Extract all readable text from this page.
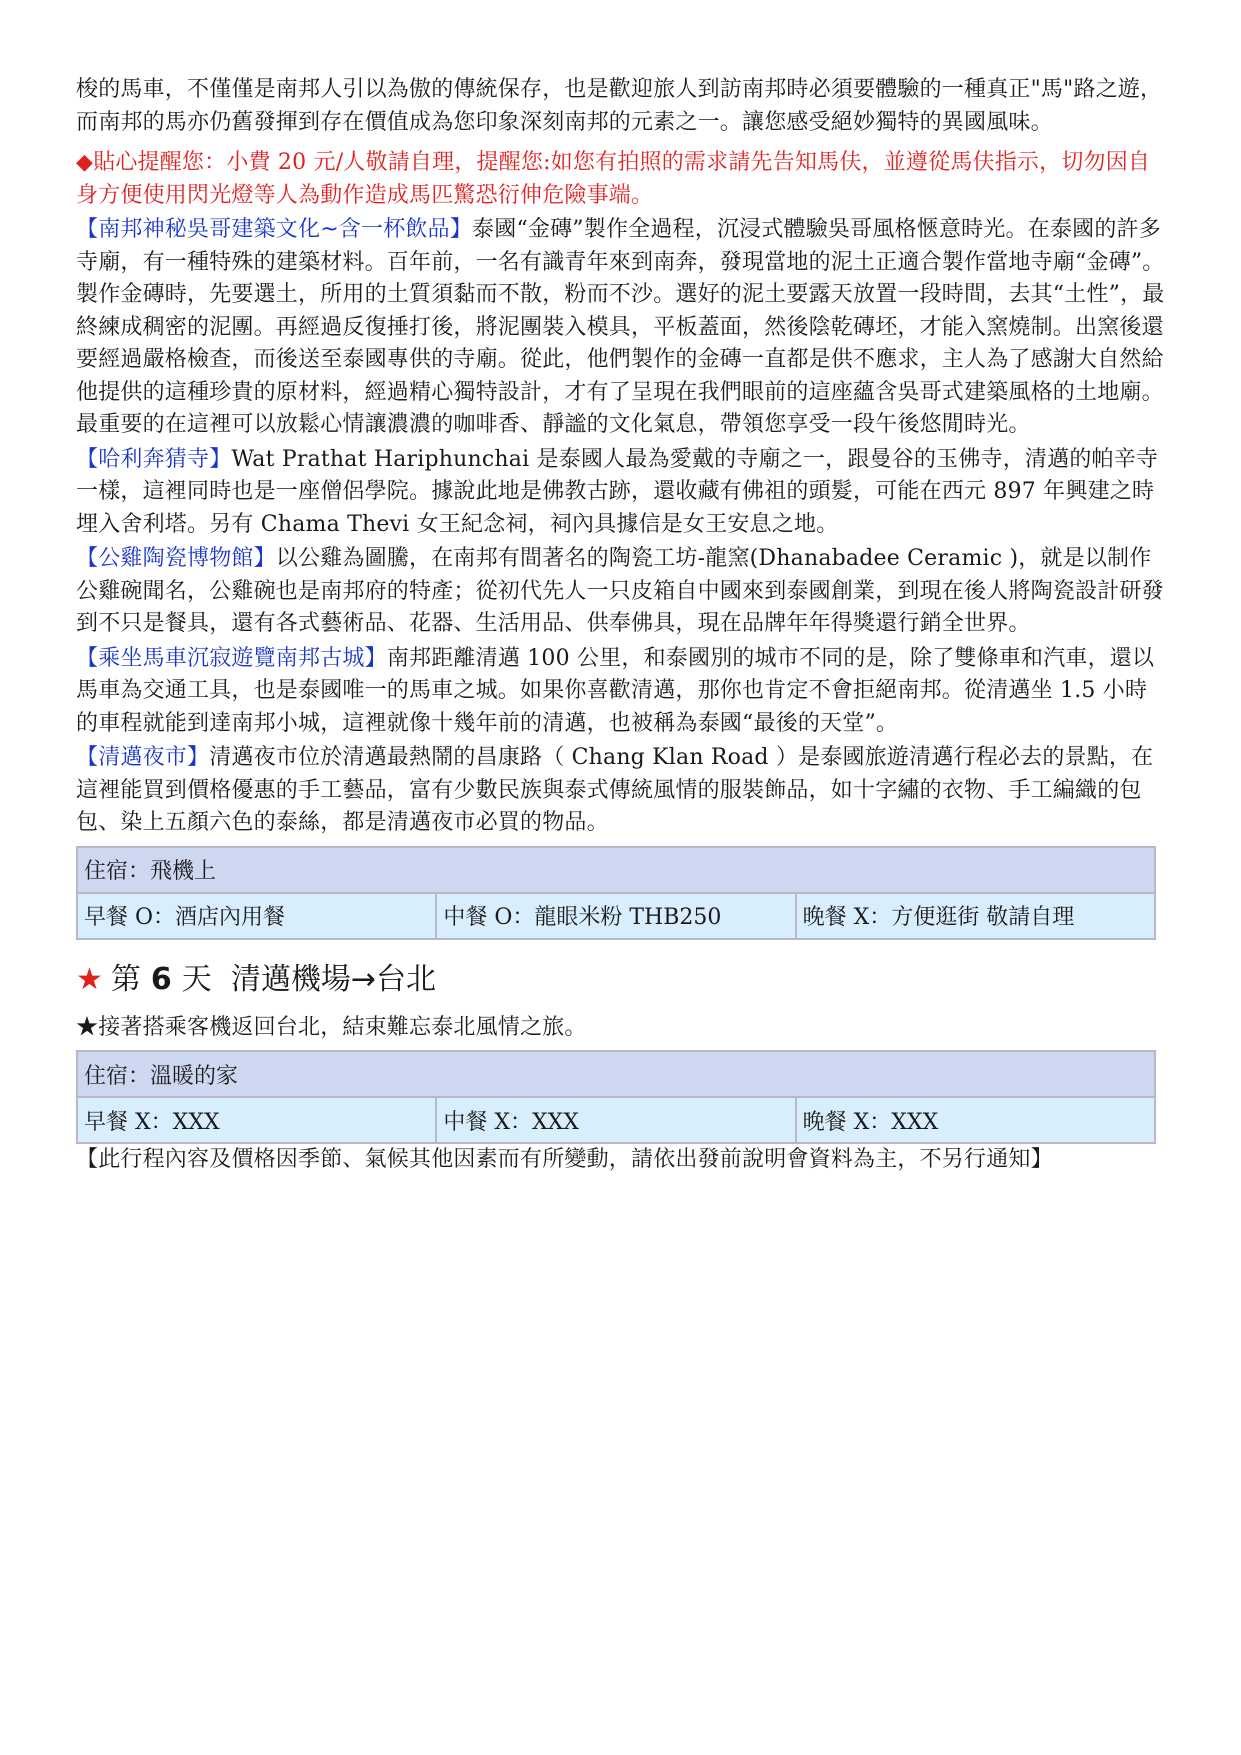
梭的馬車，不僅僅是南邦人引以為傲的傳統保存，也是歡迎旅人到訪南邦時必須要體驗的一種真正"馬"路之遊，而南邦的馬亦仍舊發揮到存在價值成為您印象深刻南邦的元素之一。讓您感受絕妙獨特的異國風味。

◆貼心提醒您：小費 20 元/人敬請自理，提醒您:如您有拍照的需求請先告知馬伕，並遵從馬伕指示，切勿因自身方便使用閃光燈等人為動作造成馬匹驚恐衍伸危險事端。

【南邦神秘吳哥建築文化~含一杯飲品】泰國“金磚”製作全過程，沉浸式體驗吳哥風格愜意時光。在泰國的許多寺廟，有一種特殊的建築材料。百年前，一名有識青年來到南奔，發現當地的泥土正適合製作當地寺廟“金磚”。製作金磚時，先要選土，所用的土質須黏而不散，粉而不沙。選好的泥土要露天放置一段時間，去其“土性”，最終練成稠密的泥團。再經過反復捶打後，將泥團裝入模具，平板蓋面，然後陰乾磚坯，才能入窯燒制。出窯後還要經過嚴格檢查，而後送至泰國專供的寺廟。從此，他們製作的金磚一直都是供不應求，主人為了感謝大自然給他提供的這種珍貴的原材料，經過精心獨特設計，才有了呈現在我們眼前的這座蘊含吳哥式建築風格的土地廟。最重要的在這裡可以放鬆心情讓濃濃的咖啡香、靜謐的文化氣息，帶領您享受一段午後悠閒時光。

【哈利奔猜寺】Wat Prathat Hariphunchai 是泰國人最為愛戴的寺廟之一，跟曼谷的玉佛寺，清邁的帕辛寺一樣，這裡同時也是一座僧侶學院。據說此地是佛教古跡，還收藏有佛祖的頭髮，可能在西元 897 年興建之時埋入舍利塔。另有 Chama Thevi 女王紀念祠，祠內具據信是女王安息之地。

【公雞陶瓷博物館】以公雞為圖騰，在南邦有間著名的陶瓷工坊-龍窯(Dhanabadee Ceramic )，就是以制作公雞碗聞名，公雞碗也是南邦府的特產；從初代先人一只皮箱自中國來到泰國創業，到現在後人將陶瓷設計研發到不只是餐具，還有各式藝術品、花器、生活用品、供奉佛具，現在品牌年年得獎還行銷全世界。

【乘坐馬車沉寂遊覽南邦古城】南邦距離清邁 100 公里，和泰國別的城市不同的是，除了雙條車和汽車，還以馬車為交通工具，也是泰國唯一的馬車之城。如果你喜歡清邁，那你也肯定不會拒絕南邦。從清邁坐 1.5 小時的車程就能到達南邦小城，這裡就像十幾年前的清邁，也被稱為泰國“最後的天堂”。

【清邁夜市】清邁夜市位於清邁最熱鬧的昌康路（ Chang Klan Road ）是泰國旅遊清邁行程必去的景點，在這裡能買到價格優惠的手工藝品，富有少數民族與泰式傳統風情的服裝飾品，如十字繡的衣物、手工編織的包包、染上五顏六色的泰絲，都是清邁夜市必買的物品。

住宿：飛機上
早餐 O：酒店內用餐	中餐 O：龍眼米粉 THB250	晚餐 X：方便逛街 敬請自理
★ 第 6 天 清邁機場→台北

★接著搭乘客機返回台北，結束難忘泰北風情之旅。

住宿：溫暖的家
早餐 X：XXX	中餐 X：XXX	晚餐 X：XXX

【此行程內容及價格因季節、氣候其他因素而有所變動，請依出發前說明會資料為主，不另行通知】
